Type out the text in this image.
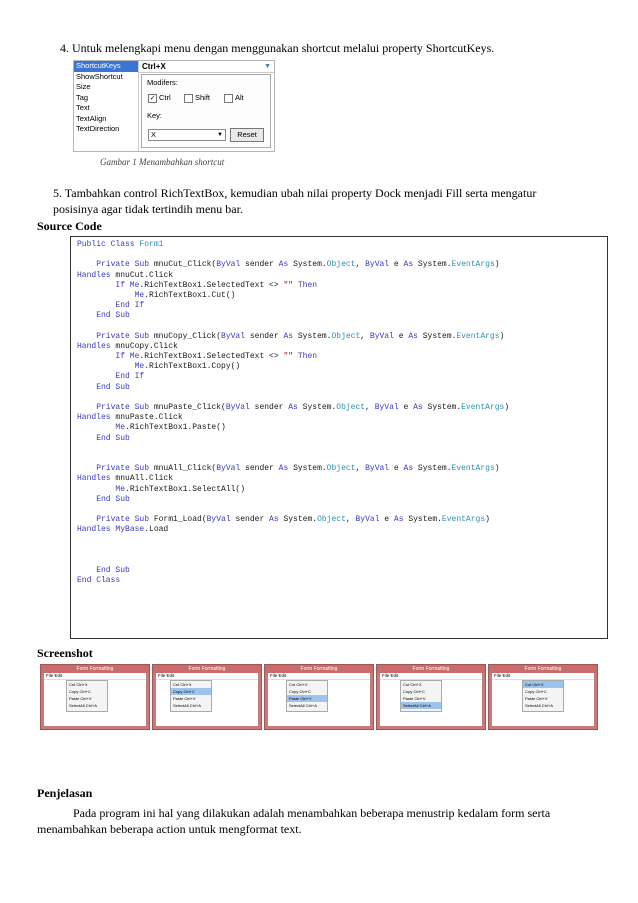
4. Untuk melengkapi menu dengan menggunakan shortcut melalui property ShortcutKeys.
ShortcutKeys
ShowShortcut
Size
Tag
Text
TextAlign
TextDirection
Ctrl+X	▼
Modifers:
✓ Ctrl	Shift	Alt
Key:
X	▼	Reset
Gambar 1 Menambahkan shortcut
5. Tambahkan control RichTextBox, kemudian ubah nilai property Dock menjadi Fill serta mengatur
posisinya agar tidak tertindih menu bar.
Source Code
Public Class Form1
Private Sub mnuCut_Click(ByVal sender As System.Object, ByVal e As System.EventArgs)
Handles mnuCut.Click
If Me.RichTextBox1.SelectedText <> "" Then
Me.RichTextBox1.Cut()
End If
End Sub
Private Sub mnuCopy_Click(ByVal sender As System.Object, ByVal e As System.EventArgs)
Handles mnuCopy.Click
If Me.RichTextBox1.SelectedText <> "" Then
Me.RichTextBox1.Copy()
End If
End Sub
Private Sub mnuPaste_Click(ByVal sender As System.Object, ByVal e As System.EventArgs)
Handles mnuPaste.Click
Me.RichTextBox1.Paste()
End Sub
Private Sub mnuAll_Click(ByVal sender As System.Object, ByVal e As System.EventArgs)
Handles mnuAll.Click
Me.RichTextBox1.SelectAll()
End Sub
Private Sub Form1_Load(ByVal sender As System.Object, ByVal e As System.EventArgs)
Handles MyBase.Load
End Sub
End Class
Screenshot
Form Formatting
File Edit
Cut Ctrl+X
Copy Ctrl+C
Paste Ctrl+V
SelectAll Ctrl+A
Form Formatting
File Edit
Cut Ctrl+X
Copy Ctrl+C
Paste Ctrl+V
SelectAll Ctrl+A
Form Formatting
File Edit
Cut Ctrl+X
Copy Ctrl+C
Paste Ctrl+V
SelectAll Ctrl+A
Form Formatting
File Edit
Cut Ctrl+X
Copy Ctrl+C
Paste Ctrl+V
SelectAll Ctrl+A
Form Formatting
File Edit
Cut Ctrl+X
Copy Ctrl+C
Paste Ctrl+V
SelectAll Ctrl+A
Penjelasan
Pada program ini hal yang dilakukan adalah menambahkan beberapa menustrip kedalam form serta
menambahkan beberapa action untuk mengformat text.
